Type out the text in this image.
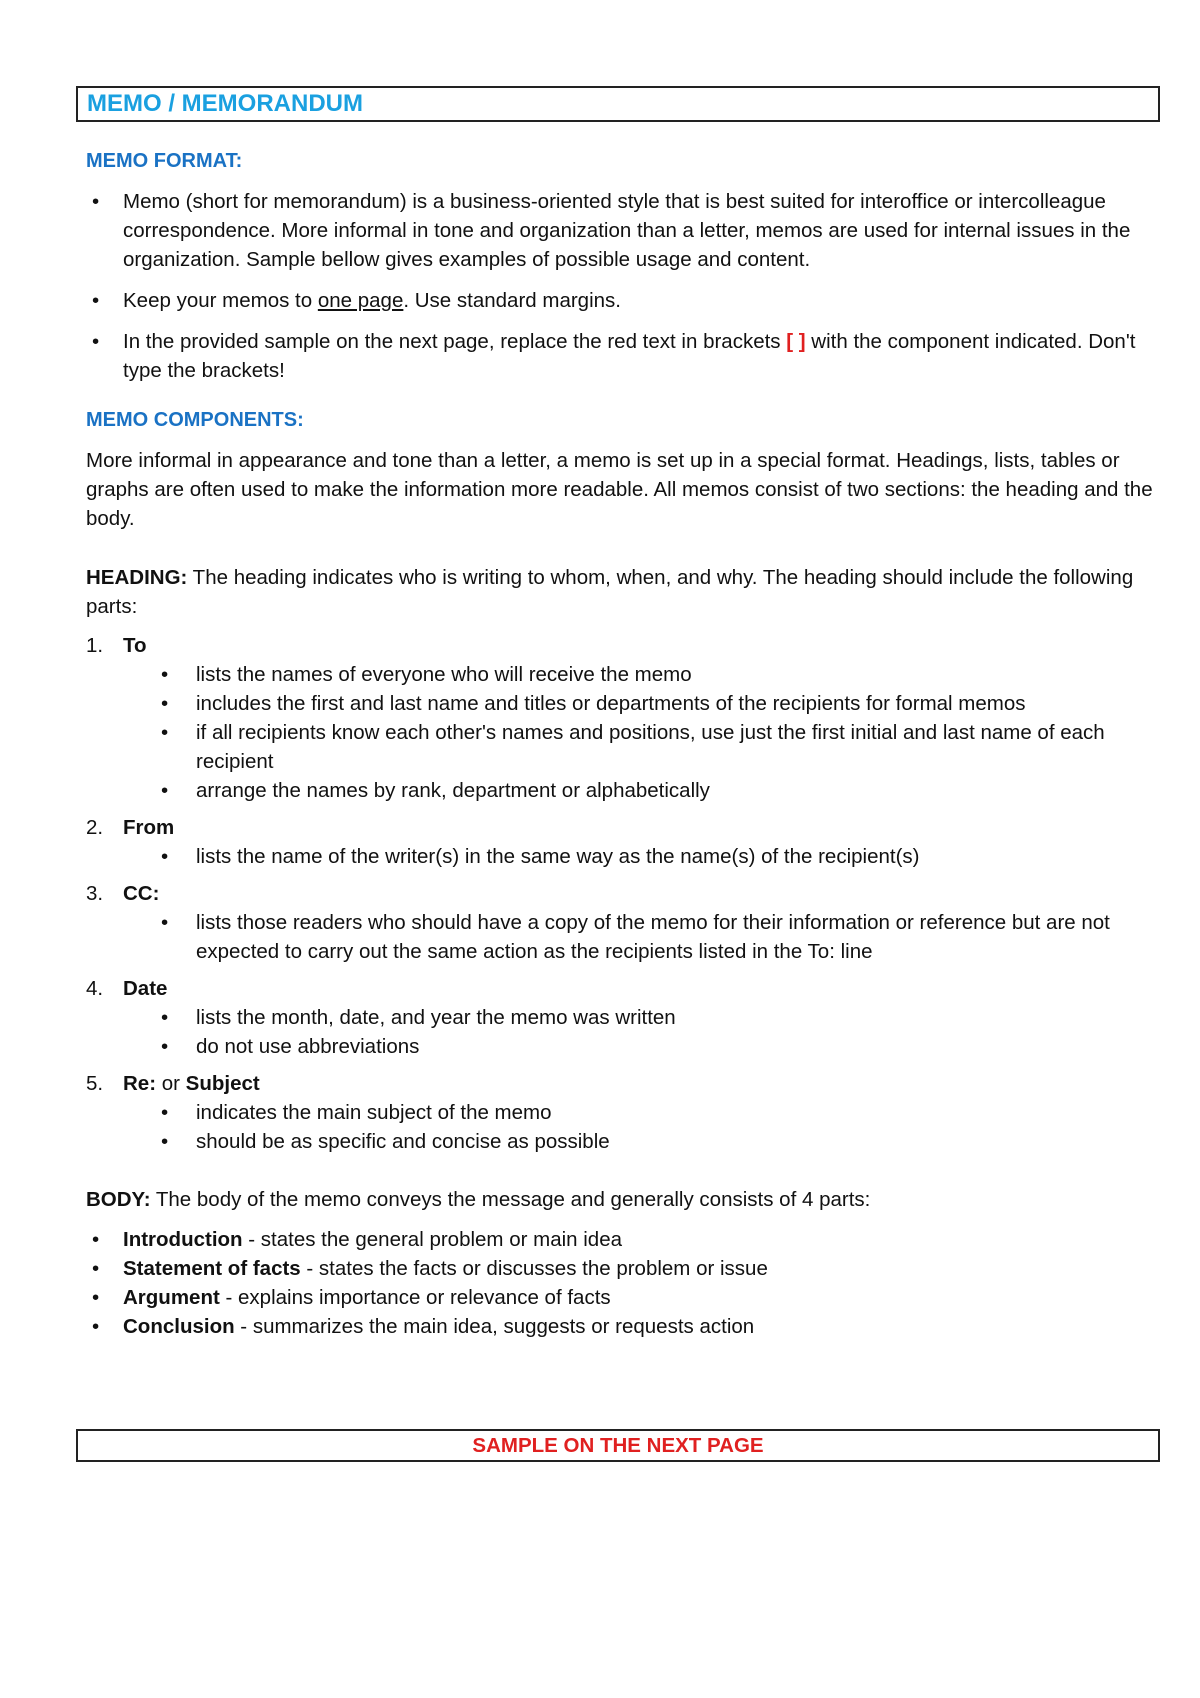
MEMO / MEMORANDUM

MEMO FORMAT:

• Memo (short for memorandum) is a business-oriented style that is best suited for interoffice or intercolleague correspondence. More informal in tone and organization than a letter, memos are used for internal issues in the organization. Sample bellow gives examples of possible usage and content.
• Keep your memos to one page. Use standard margins.
• In the provided sample on the next page, replace the red text in brackets [ ] with the component indicated. Don't type the brackets!

MEMO COMPONENTS:

More informal in appearance and tone than a letter, a memo is set up in a special format. Headings, lists, tables or graphs are often used to make the information more readable. All memos consist of two sections: the heading and the body.

HEADING: The heading indicates who is writing to whom, when, and why. The heading should include the following parts:

1. To
• lists the names of everyone who will receive the memo
• includes the first and last name and titles or departments of the recipients for formal memos
• if all recipients know each other's names and positions, use just the first initial and last name of each recipient
• arrange the names by rank, department or alphabetically
2. From
• lists the name of the writer(s) in the same way as the name(s) of the recipient(s)
3. CC:
• lists those readers who should have a copy of the memo for their information or reference but are not expected to carry out the same action as the recipients listed in the To: line
4. Date
• lists the month, date, and year the memo was written
• do not use abbreviations
5. Re: or Subject
• indicates the main subject of the memo
• should be as specific and concise as possible

BODY: The body of the memo conveys the message and generally consists of 4 parts:

• Introduction - states the general problem or main idea
• Statement of facts - states the facts or discusses the problem or issue
• Argument - explains importance or relevance of facts
• Conclusion - summarizes the main idea, suggests or requests action
SAMPLE ON THE NEXT PAGE
